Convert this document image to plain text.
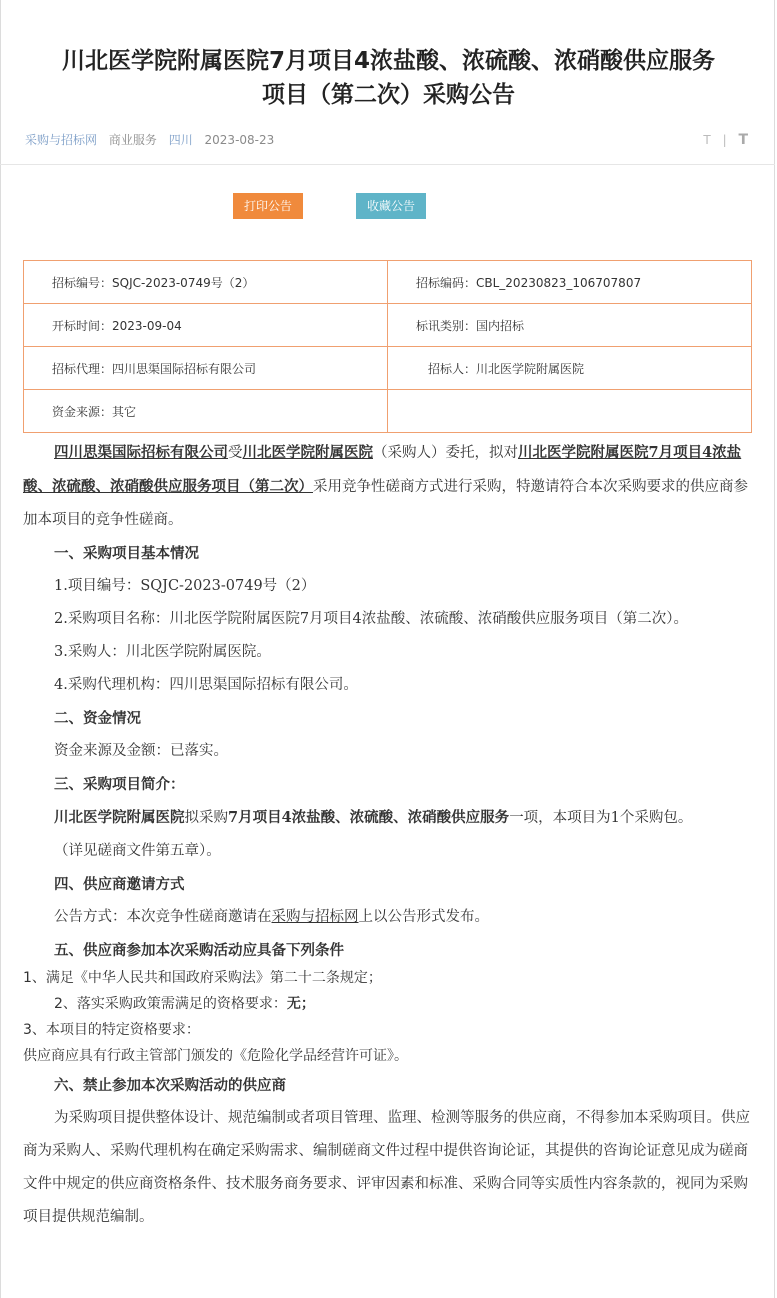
川北医学院附属医院7月项目4浓盐酸、浓硫酸、浓硝酸供应服务
项目（第二次）采购公告
采购与招标网 商业服务 四川 2023-08-23	T | T
打印公告	收藏公告
招标编号：SQJC-2023-0749号（2）	招标编码：CBL_20230823_106707807
开标时间：2023-09-04	标讯类别：国内招标
招标代理：四川思渠国际招标有限公司	招标人：川北医学院附属医院
资金来源：其它	

四川思渠国际招标有限公司受川北医学院附属医院（采购人）委托，拟对川北医学院附属医院7月项目4浓盐酸、浓硫酸、浓硝酸供应服务项目（第二次）采用竞争性磋商方式进行采购，特邀请符合本次采购要求的供应商参加本项目的竞争性磋商。

一、采购项目基本情况

1.项目编号：SQJC-2023-0749号（2）

2.采购项目名称：川北医学院附属医院7月项目4浓盐酸、浓硫酸、浓硝酸供应服务项目（第二次）。

3.采购人：川北医学院附属医院。

4.采购代理机构：四川思渠国际招标有限公司。

二、资金情况

资金来源及金额：已落实。

三、采购项目简介：

川北医学院附属医院拟采购7月项目4浓盐酸、浓硫酸、浓硝酸供应服务一项，本项目为1个采购包。

（详见磋商文件第五章）。

四、供应商邀请方式

公告方式：本次竞争性磋商邀请在采购与招标网上以公告形式发布。

五、供应商参加本次采购活动应具备下列条件

1、满足《中华人民共和国政府采购法》第二十二条规定；

2、落实采购政策需满足的资格要求：无；

3、本项目的特定资格要求：

供应商应具有行政主管部门颁发的《危险化学品经营许可证》。

六、禁止参加本次采购活动的供应商

为采购项目提供整体设计、规范编制或者项目管理、监理、检测等服务的供应商，不得参加本采购项目。供应商为采购人、采购代理机构在确定采购需求、编制磋商文件过程中提供咨询论证，其提供的咨询论证意见成为磋商文件中规定的供应商资格条件、技术服务商务要求、评审因素和标准、采购合同等实质性内容条款的，视同为采购项目提供规范编制。
